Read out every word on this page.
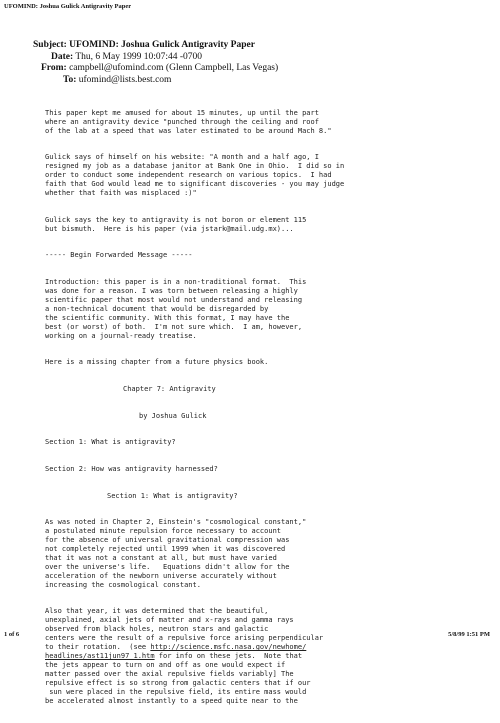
UFOMIND: Joshua Gulick Antigravity Paper
Subject: UFOMIND: Joshua Gulick Antigravity Paper
Date: Thu, 6 May 1999 10:07:44 -0700
From: campbell@ufomind.com (Glenn Campbell, Las Vegas)
To: ufomind@lists.best.com

This paper kept me amused for about 15 minutes, up until the part
where an antigravity device "punched through the ceiling and roof
of the lab at a speed that was later estimated to be around Mach 8."

Gulick says of himself on his website: "A month and a half ago, I
resigned my job as a database janitor at Bank One in Ohio.  I did so in
order to conduct some independent research on various topics.  I had
faith that God would lead me to significant discoveries - you may judge
whether that faith was misplaced :)"

Gulick says the key to antigravity is not boron or element 115
but bismuth.  Here is his paper (via jstark@mail.udg.mx)...

----- Begin Forwarded Message -----

Introduction: this paper is in a non-traditional format.  This
was done for a reason. I was torn between releasing a highly
scientific paper that most would not understand and releasing
a non-technical document that would be disregarded by
the scientific community. With this format, I may have the
best (or worst) of both.  I'm not sure which.  I am, however,
working on a journal-ready treatise.

Here is a missing chapter from a future physics book.

Chapter 7: Antigravity

by Joshua Gulick

Section 1: What is antigravity?

Section 2: How was antigravity harnessed?

Section 1: What is antigravity?

As was noted in Chapter 2, Einstein's "cosmological constant,"
a postulated minute repulsion force necessary to account
for the absence of universal gravitational compression was
not completely rejected until 1999 when it was discovered
that it was not a constant at all, but must have varied
over the universe's life.   Equations didn't allow for the
acceleration of the newborn universe accurately without
increasing the cosmological constant.

Also that year, it was determined that the beautiful,
unexplained, axial jets of matter and x-rays and gamma rays
observed from black holes, neutron stars and galactic
centers were the result of a repulsive force arising perpendicular
to their rotation.  (see http://science.msfc.nasa.gov/newhome/
headlines/ast11jun97_1.htm for info on these jets.  Note that
the jets appear to turn on and off as one would expect if
matter passed over the axial repulsive fields variably] The
repulsive effect is so strong from galactic centers that if our
sun were placed in the repulsive field, its entire mass would
be accelerated almost instantly to a speed quite near to the

1 of 6	5/8/99 1:51 PM
